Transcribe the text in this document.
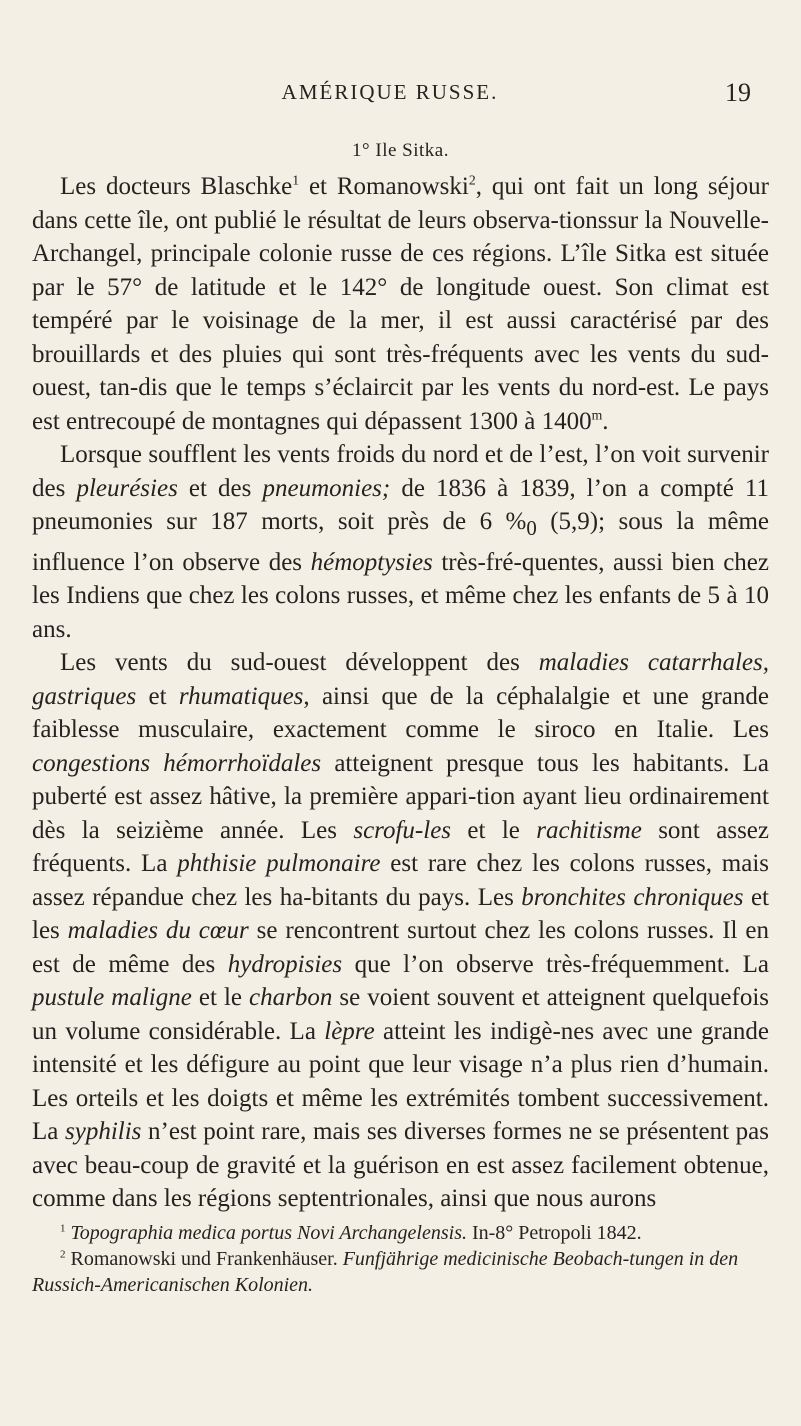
AMÉRIQUE RUSSE.	19
1° Ile Sitka.

Les docteurs Blaschke$^1$ et Romanowski$^2$, qui ont fait un long séjour dans cette île, ont publié le résultat de leurs observa-tionssur la Nouvelle-Archangel, principale colonie russe de ces régions. L’île Sitka est située par le 57° de latitude et le 142° de longitude ouest. Son climat est tempéré par le voisinage de la mer, il est aussi caractérisé par des brouillards et des pluies qui sont très-fréquents avec les vents du sud-ouest, tan-dis que le temps s’éclaircit par les vents du nord-est. Le pays est entrecoupé de montagnes qui dépassent 1300 à 1400$^m$.

Lorsque soufflent les vents froids du nord et de l’est, l’on voit survenir des pleurésies et des pneumonies; de 1836 à 1839, l’on a compté 11 pneumonies sur 187 morts, soit près de 6 $\%_0$ (5,9); sous la même influence l’on observe des hémoptysies très-fré-quentes, aussi bien chez les Indiens que chez les colons russes, et même chez les enfants de 5 à 10 ans.

Les vents du sud-ouest développent des maladies catarrhales, gastriques et rhumatiques, ainsi que de la céphalalgie et une grande faiblesse musculaire, exactement comme le siroco en Italie. Les congestions hémorrhoïdales atteignent presque tous les habitants. La puberté est assez hâtive, la première appari-tion ayant lieu ordinairement dès la seizième année. Les scrofu-les et le rachitisme sont assez fréquents. La phthisie pulmonaire est rare chez les colons russes, mais assez répandue chez les ha-bitants du pays. Les bronchites chroniques et les maladies du cœur se rencontrent surtout chez les colons russes. Il en est de même des hydropisies que l’on observe très-fréquemment. La pustule maligne et le charbon se voient souvent et atteignent quelquefois un volume considérable. La lèpre atteint les indigè-nes avec une grande intensité et les défigure au point que leur visage n’a plus rien d’humain. Les orteils et les doigts et même les extrémités tombent successivement. La syphilis n’est point rare, mais ses diverses formes ne se présentent pas avec beau-coup de gravité et la guérison en est assez facilement obtenue, comme dans les régions septentrionales, ainsi que nous aurons

$^1$ Topographia medica portus Novi Archangelensis. In-8° Petropoli 1842.

$^2$ Romanowski und Frankenhäuser. Funfjährige medicinische Beobach-tungen in den Russich-Americanischen Kolonien.
